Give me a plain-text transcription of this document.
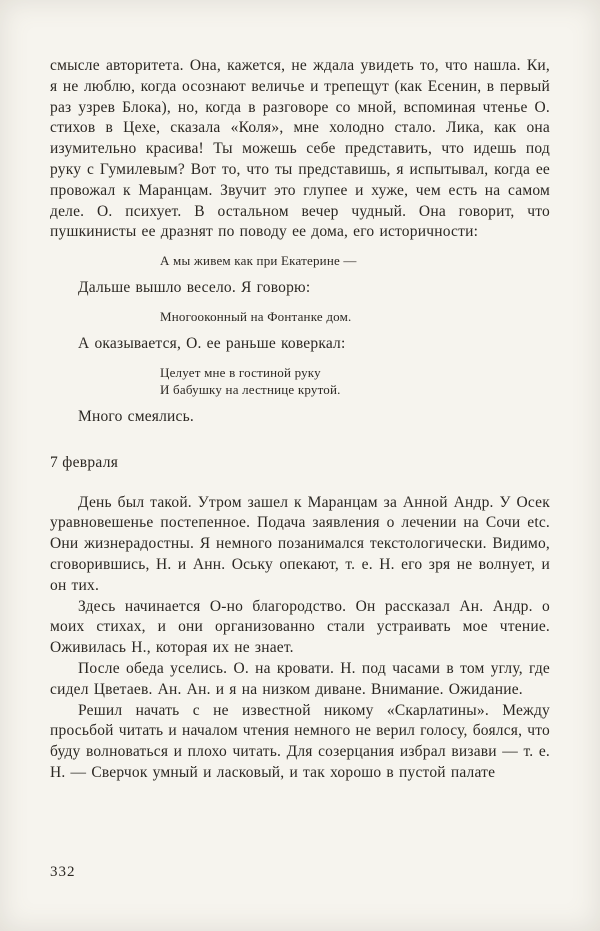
смысле авторитета. Она, кажется, не ждала увидеть то, что нашла. Ки, я не люблю, когда осознают величье и трепещут (как Есенин, в первый раз узрев Блока), но, когда в разговоре со мной, вспоминая чтенье О. стихов в Цехе, сказала «Коля», мне холодно стало. Лика, как она изумительно красива! Ты можешь себе представить, что идешь под руку с Гумилевым? Вот то, что ты представишь, я испытывал, когда ее провожал к Маранцам. Звучит это глупее и хуже, чем есть на самом деле. О. психует. В остальном вечер чудный. Она говорит, что пушкинисты ее дразнят по поводу ее дома, его историчности:

А мы живем как при Екатерине —

Дальше вышло весело. Я говорю:

Многооконный на Фонтанке дом.

А оказывается, О. ее раньше коверкал:

Целует мне в гостиной руку
И бабушку на лестнице крутой.

Много смеялись.

7 февраля

День был такой. Утром зашел к Маранцам за Анной Андр. У Осек уравновешенье постепенное. Подача заявления о лечении на Сочи etc. Они жизнерадостны. Я немного позанимался текстологически. Видимо, сговорившись, Н. и Анн. Оську опекают, т. е. Н. его зря не волнует, и он тих.

Здесь начинается О-но благородство. Он рассказал Ан. Андр. о моих стихах, и они организованно стали устраивать мое чтение. Оживилась Н., которая их не знает.

После обеда уселись. О. на кровати. Н. под часами в том углу, где сидел Цветаев. Ан. Ан. и я на низком диване. Внимание. Ожидание.

Решил начать с не известной никому «Скарлатины». Между просьбой читать и началом чтения немного не верил голосу, боялся, что буду волноваться и плохо читать. Для созерцания избрал визави — т. е. Н. — Сверчок умный и ласковый, и так хорошо в пустой палате

332
